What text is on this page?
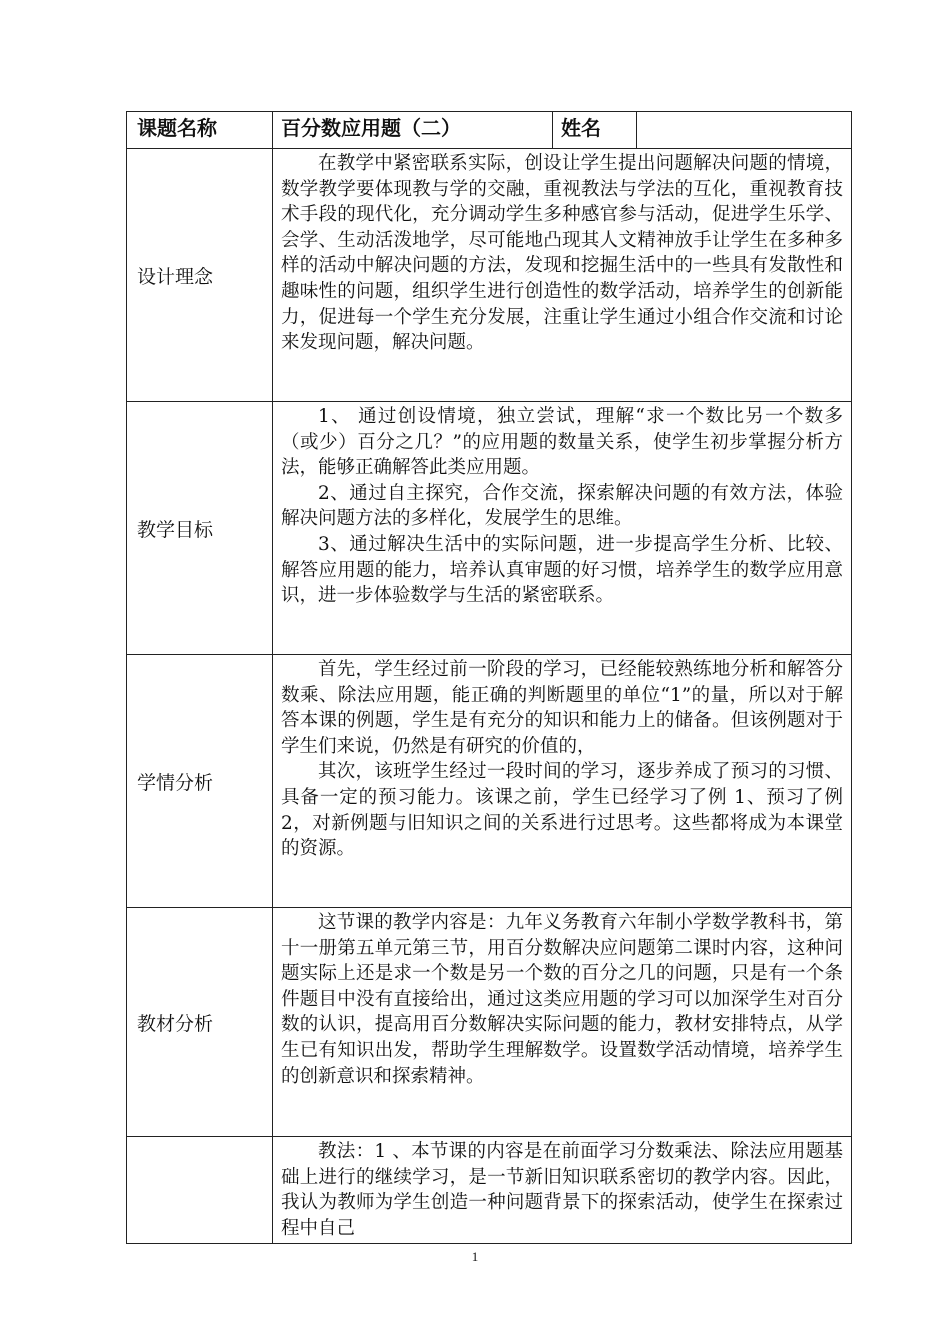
课题名称	百分数应用题（二）	姓名	
设计理念	在教学中紧密联系实际，创设让学生提出问题解决问题的情境，数学教学要体现教与学的交融，重视教法与学法的互化，重视教育技术手段的现代化，充分调动学生多种感官参与活动，促进学生乐学、会学、生动活泼地学，尽可能地凸现其人文精神放手让学生在多种多样的活动中解决问题的方法，发现和挖掘生活中的一些具有发散性和趣味性的问题，组织学生进行创造性的数学活动，培养学生的创新能力，促进每一个学生充分发展，注重让学生通过小组合作交流和讨论来发现问题，解决问题。		

教学目标	1、 通过创设情境，独立尝试，理解“求一个数比另一个数多（或少）百分之几？”的应用题的数量关系，使学生初步掌握分析方法，能够正确解答此类应用题。

2、通过自主探究，合作交流，探索解决问题的有效方法，体验解决问题方法的多样化，发展学生的思维。

3、通过解决生活中的实际问题，进一步提高学生分析、比较、解答应用题的能力，培养认真审题的好习惯，培养学生的数学应用意识，进一步体验数学与生活的紧密联系。		

学情分析	首先，学生经过前一阶段的学习，已经能较熟练地分析和解答分数乘、除法应用题，能正确的判断题里的单位“1”的量，所以对于解答本课的例题，学生是有充分的知识和能力上的储备。但该例题对于学生们来说，仍然是有研究的价值的，

其次，该班学生经过一段时间的学习，逐步养成了预习的习惯、具备一定的预习能力。该课之前，学生已经学习了例 1、预习了例 2，对新例题与旧知识之间的关系进行过思考。这些都将成为本课堂的资源。		

教材分析	这节课的教学内容是：九年义务教育六年制小学数学教科书，第十一册第五单元第三节，用百分数解决应问题第二课时内容，这种问题实际上还是求一个数是另一个数的百分之几的问题，只是有一个条件题目中没有直接给出，通过这类应用题的学习可以加深学生对百分数的认识，提高用百分数解决实际问题的能力，教材安排特点，从学生已有知识出发，帮助学生理解数学。设置数学活动情境，培养学生的创新意识和探索精神。		

	教法：1 、本节课的内容是在前面学习分数乘法、除法应用题基础上进行的继续学习，是一节新旧知识联系密切的教学内容。因此，我认为教师为学生创造一种问题背景下的探索活动，使学生在探索过程中自己		

1
